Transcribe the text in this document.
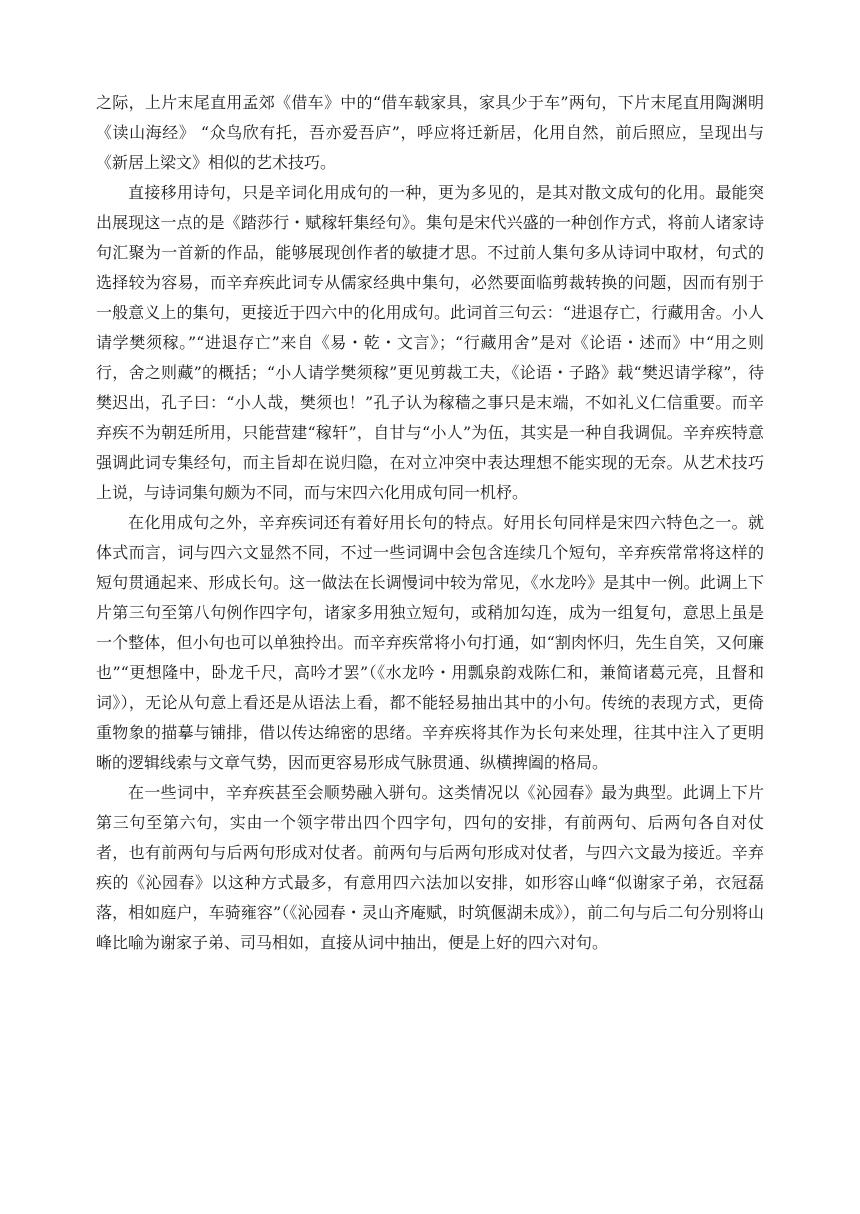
之际，上片末尾直用孟郊《借车》中的“借车载家具，家具少于车”两句，下片末尾直用陶渊明《读山海经》 “众鸟欣有托，吾亦爱吾庐”，呼应将迁新居，化用自然，前后照应，呈现出与《新居上梁文》相似的艺术技巧。

直接移用诗句，只是辛词化用成句的一种，更为多见的，是其对散文成句的化用。最能突出展现这一点的是《踏莎行・赋稼轩集经句》。集句是宋代兴盛的一种创作方式，将前人诸家诗句汇聚为一首新的作品，能够展现创作者的敏捷才思。不过前人集句多从诗词中取材，句式的选择较为容易，而辛弃疾此词专从儒家经典中集句，必然要面临剪裁转换的问题，因而有别于一般意义上的集句，更接近于四六中的化用成句。此词首三句云：“进退存亡，行藏用舍。小人请学樊须稼。”“进退存亡”来自《易・乾・文言》；“行藏用舍”是对《论语・述而》中“用之则行，舍之则藏”的概括；“小人请学樊须稼”更见剪裁工夫，《论语・子路》载“樊迟请学稼”，待樊迟出，孔子曰：“小人哉，樊须也！”孔子认为稼穑之事只是末端，不如礼义仁信重要。而辛弃疾不为朝廷所用，只能营建“稼轩”，自甘与“小人”为伍，其实是一种自我调侃。辛弃疾特意强调此词专集经句，而主旨却在说归隐，在对立冲突中表达理想不能实现的无奈。从艺术技巧上说，与诗词集句颇为不同，而与宋四六化用成句同一机杼。

在化用成句之外，辛弃疾词还有着好用长句的特点。好用长句同样是宋四六特色之一。就体式而言，词与四六文显然不同，不过一些词调中会包含连续几个短句，辛弃疾常常将这样的短句贯通起来、形成长句。这一做法在长调慢词中较为常见，《水龙吟》是其中一例。此调上下片第三句至第八句例作四字句，诸家多用独立短句，或稍加勾连，成为一组复句，意思上虽是一个整体，但小句也可以单独拎出。而辛弃疾常将小句打通，如“割肉怀归，先生自笑，又何廉也”“更想隆中，卧龙千尺，高吟才罢”（《水龙吟・用瓢泉韵戏陈仁和，兼简诸葛元亮，且督和词》），无论从句意上看还是从语法上看，都不能轻易抽出其中的小句。传统的表现方式，更倚重物象的描摹与铺排，借以传达绵密的思绪。辛弃疾将其作为长句来处理，往其中注入了更明晰的逻辑线索与文章气势，因而更容易形成气脉贯通、纵横捭阖的格局。

在一些词中，辛弃疾甚至会顺势融入骈句。这类情况以《沁园春》最为典型。此调上下片第三句至第六句，实由一个领字带出四个四字句，四句的安排，有前两句、后两句各自对仗者，也有前两句与后两句形成对仗者。前两句与后两句形成对仗者，与四六文最为接近。辛弃疾的《沁园春》以这种方式最多，有意用四六法加以安排，如形容山峰“似谢家子弟，衣冠磊落，相如庭户，车骑雍容”（《沁园春・灵山齐庵赋，时筑偃湖未成》），前二句与后二句分别将山峰比喻为谢家子弟、司马相如，直接从词中抽出，便是上好的四六对句。
